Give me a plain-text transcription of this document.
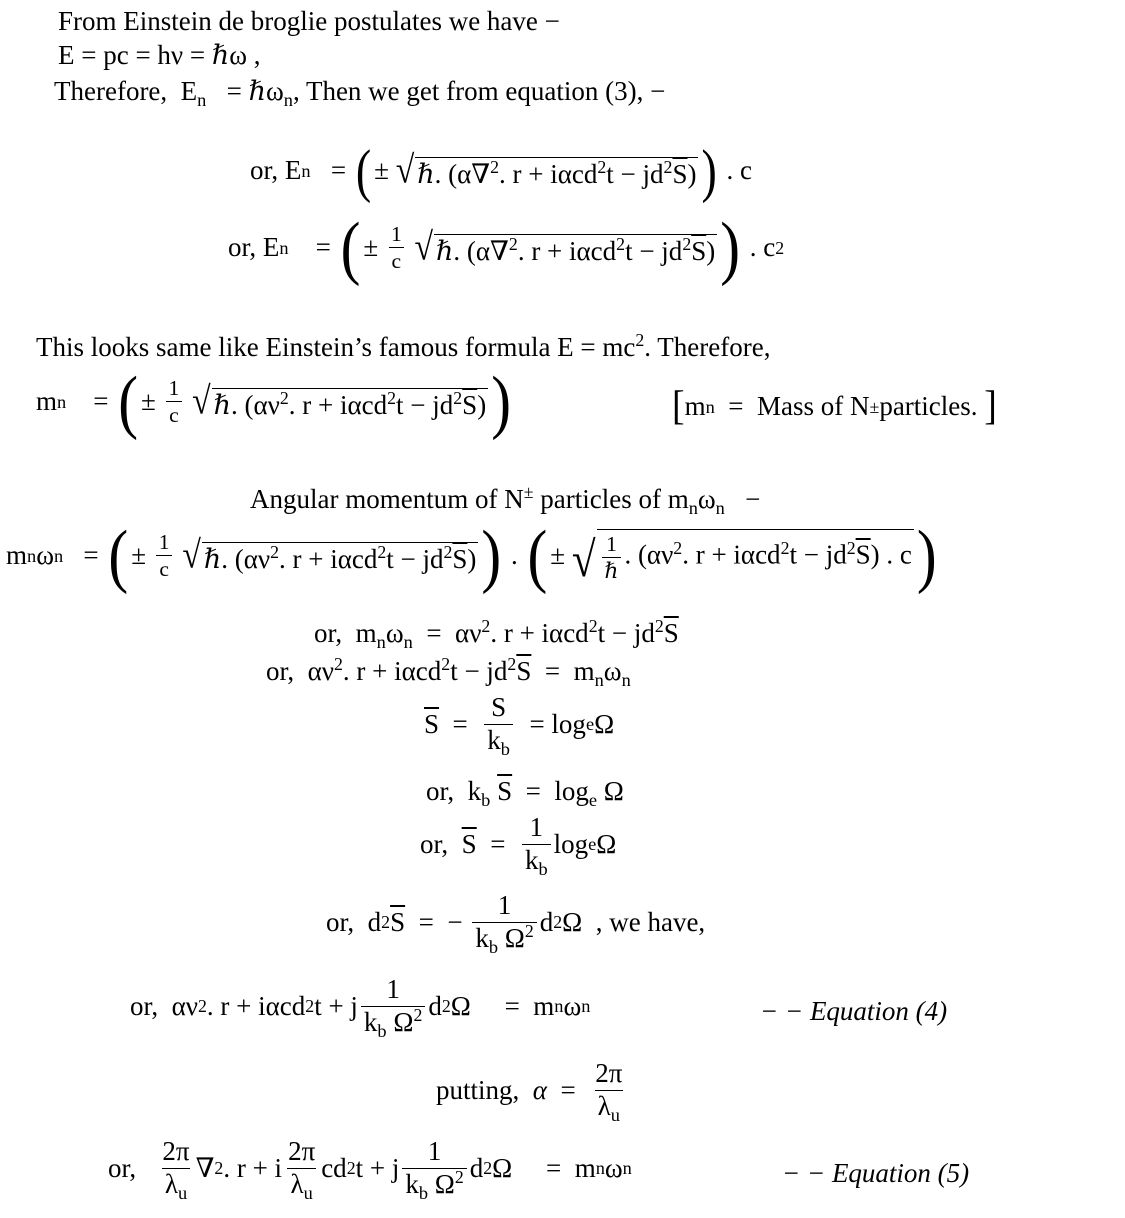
From Einstein de broglie postulates we have −
E = pc = hν = ℏω ,
Therefore,  $E_n$   = ℏω$_n$, Then we get from equation (3), −
or, E n = ( ± √ ℏ. (α∇$^2$. $r + i\alpha cd^2t - jd^2\overline{S}$) ) . c
or, E n = ( ± $\frac{1}{c}$
√ ℏ. (α∇$^2$. $r + i\alpha cd^2t - jd^2\overline{S}$) ) . c 2
This looks same like Einstein’s famous formula $E = mc^2$. Therefore,
m n = ( ± $\frac{1}{c}$
√ ℏ. ($\alpha\nu^2$. $r + i\alpha cd^2t - jd^2\overline{S}$) )	[ m n = Mass of N ± particles.
]
Angular momentum of N± particles of $m_n\omega_n$   −
m n ω n = ( ± $\frac{1}{c}$
√ ℏ. ($\alpha\nu^2$. $r + i\alpha cd^2t - jd^2\overline{S}$) ) . ( ± √ $\frac{1}{\text{ℏ}}$ . ($\alpha\nu^2$. $r + i\alpha cd^2t - jd^2\overline{S}$) . c )
or,  $m_n\omega_n = \alpha\nu^2$. $r + i\alpha cd^2t - jd^2\overline{S}$
or,  $\alpha\nu^2$. $r + i\alpha cd^2t - jd^2\overline{S} = m_n\omega_n$
$\overline{S} = \frac{S}{k_b} = \log e$ Ω
or,  $k_b$ $\overline{S} = \log_e \Omega$
or, $\overline{S} = \frac{1}{k_b}$ log e Ω
or,  d 2 $\overline{S}$ =  − $\frac{1}{k_b \Omega^2}$ d 2 Ω , we have,
or,  αν 2 . r + iαcd 2 t + j $\frac{1}{k_b \Omega^2}$ d 2 Ω     =  m n ω n	− − Equation (4)
putting,
$\alpha = \frac{2\pi}{\lambda_u}$
or, $\frac{2\pi}{\lambda_u}$ ∇ 2 . r + i $\frac{2\pi}{\lambda_u}$ cd 2 t + j $\frac{1}{k_b \Omega^2}$ d 2 Ω     =  m n ω n	− − Equation (5)
